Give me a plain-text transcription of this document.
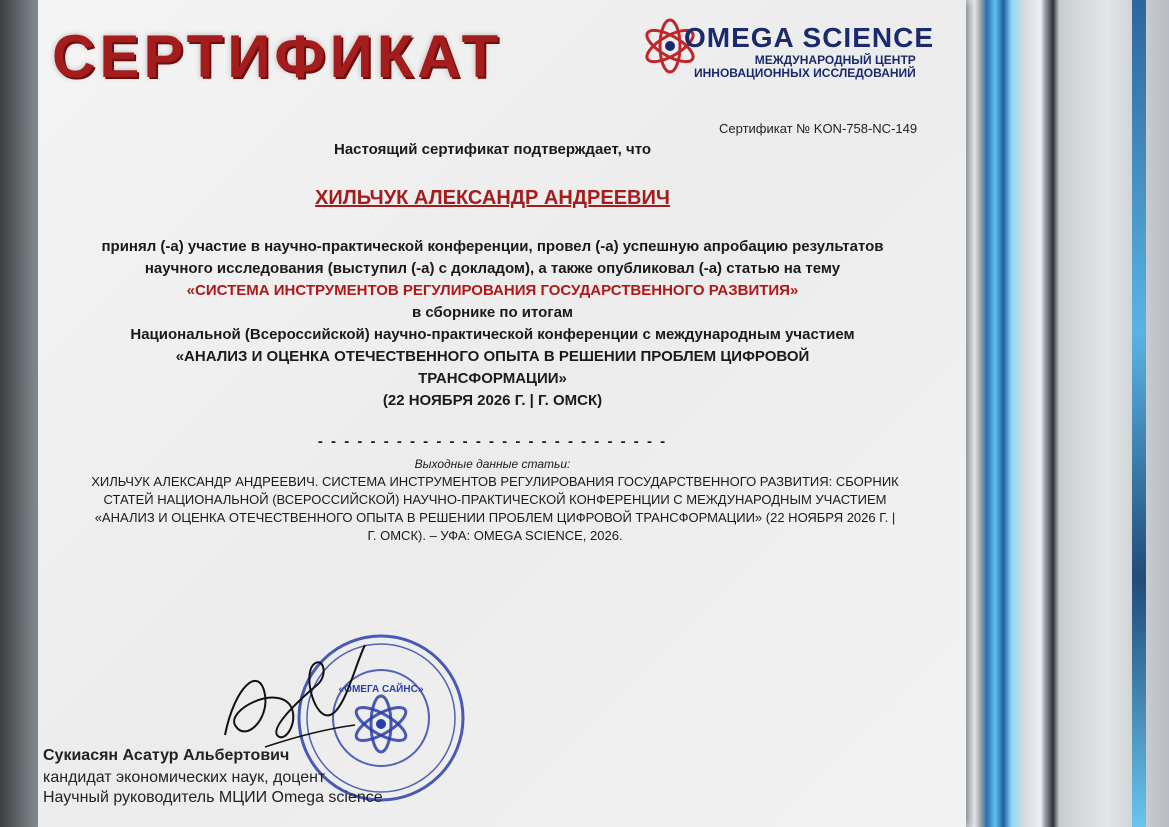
СЕРТИФИКАТ	OMEGA SCIENCE
МЕЖДУНАРОДНЫЙ ЦЕНТР
ИННОВАЦИОННЫХ ИССЛЕДОВАНИЙ
Сертификат № KON-758-NC-149
Настоящий сертификат подтверждает, что
ХИЛЬЧУК АЛЕКСАНДР АНДРЕЕВИЧ
принял (-а) участие в научно-практической конференции, провел (-а) успешную апробацию результатов
научного исследования (выступил (-а) с докладом), а также опубликовал (-а) статью на тему
«СИСТЕМА ИНСТРУМЕНТОВ РЕГУЛИРОВАНИЯ ГОСУДАРСТВЕННОГО РАЗВИТИЯ»
в сборнике по итогам
Национальной (Всероссийской) научно-практической конференции с международным участием
«АНАЛИЗ И ОЦЕНКА ОТЕЧЕСТВЕННОГО ОПЫТА В РЕШЕНИИ ПРОБЛЕМ ЦИФРОВОЙ
ТРАНСФОРМАЦИИ»
(22 НОЯБРЯ 2026 Г. | Г. ОМСК)
- - - - - - - - - - - - - - - - - - - - - - - - - - -
Выходные данные статьи:
ХИЛЬЧУК АЛЕКСАНДР АНДРЕЕВИЧ. СИСТЕМА ИНСТРУМЕНТОВ РЕГУЛИРОВАНИЯ ГОСУДАРСТВЕННОГО РАЗВИТИЯ: СБОРНИК
СТАТЕЙ НАЦИОНАЛЬНОЙ (ВСЕРОССИЙСКОЙ) НАУЧНО-ПРАКТИЧЕСКОЙ КОНФЕРЕНЦИИ С МЕЖДУНАРОДНЫМ УЧАСТИЕМ
«АНАЛИЗ И ОЦЕНКА ОТЕЧЕСТВЕННОГО ОПЫТА В РЕШЕНИИ ПРОБЛЕМ ЦИФРОВОЙ ТРАНСФОРМАЦИИ» (22 НОЯБРЯ 2026 Г. |
Г. ОМСК). – УФА: OMEGA SCIENCE, 2026.
«ОМЕГА САЙНС»
Сукиасян Асатур Альбертович
кандидат экономических наук, доцент
Научный руководитель МЦИИ Omega science
